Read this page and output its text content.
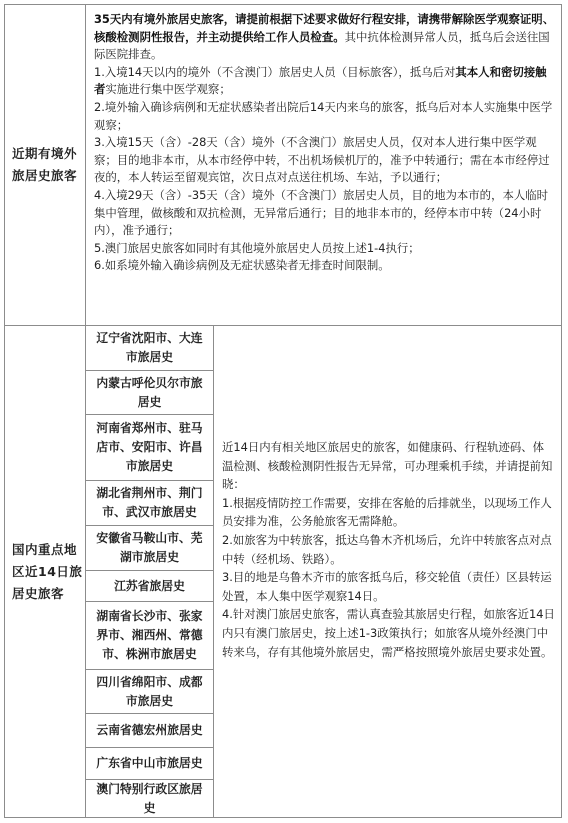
近期有境外旅居史旅客

35天内有境外旅居史旅客，请提前根据下述要求做好行程安排，请携带解除医学观察证明、核酸检测阴性报告，并主动提供给工作人员检查。其中抗体检测异常人员，抵乌后会送往国际医院排查。

1.入境14天以内的境外（不含澳门）旅居史人员（目标旅客），抵乌后对其本人和密切接触者实施进行集中医学观察；

2.境外输入确诊病例和无症状感染者出院后14天内来乌的旅客，抵乌后对本人实施集中医学观察；

3.入境15天（含）-28天（含）境外（不含澳门）旅居史人员，仅对本人进行集中医学观察；目的地非本市，从本市经停中转，不出机场候机厅的，准予中转通行；需在本市经停过夜的，本人转运至留观宾馆，次日点对点送往机场、车站，予以通行；

4.入境29天（含）-35天（含）境外（不含澳门）旅居史人员，目的地为本市的，本人临时集中管理，做核酸和双抗检测，无异常后通行；目的地非本市的，经停本市中转（24小时内），准予通行；

5.澳门旅居史旅客如同时有其他境外旅居史人员按上述1-4执行；

6.如系境外输入确诊病例及无症状感染者无排查时间限制。

国内重点地区近14日旅居史旅客
辽宁省沈阳市、大连市旅居史
内蒙古呼伦贝尔市旅居史
河南省郑州市、驻马店市、安阳市、许昌市旅居史
湖北省荆州市、荆门市、武汉市旅居史
安徽省马鞍山市、芜湖市旅居史
江苏省旅居史
湖南省长沙市、张家界市、湘西州、常德市、株洲市旅居史
四川省绵阳市、成都市旅居史
云南省德宏州旅居史
广东省中山市旅居史
澳门特别行政区旅居史

近14日内有相关地区旅居史的旅客，如健康码、行程轨迹码、体温检测、核酸检测阴性报告无异常，可办理乘机手续，并请提前知晓：

1.根据疫情防控工作需要，安排在客舱的后排就坐，以现场工作人员安排为准，公务舱旅客无需降舱。

2.如旅客为中转旅客，抵达乌鲁木齐机场后，允许中转旅客点对点中转（经机场、铁路）。

3.目的地是乌鲁木齐市的旅客抵乌后，移交轮值（责任）区县转运处置，本人集中医学观察14日。

4.针对澳门旅居史旅客，需认真查验其旅居史行程，如旅客近14日内只有澳门旅居史，按上述1-3政策执行；如旅客从境外经澳门中转来乌，存有其他境外旅居史，需严格按照境外旅居史要求处置。
